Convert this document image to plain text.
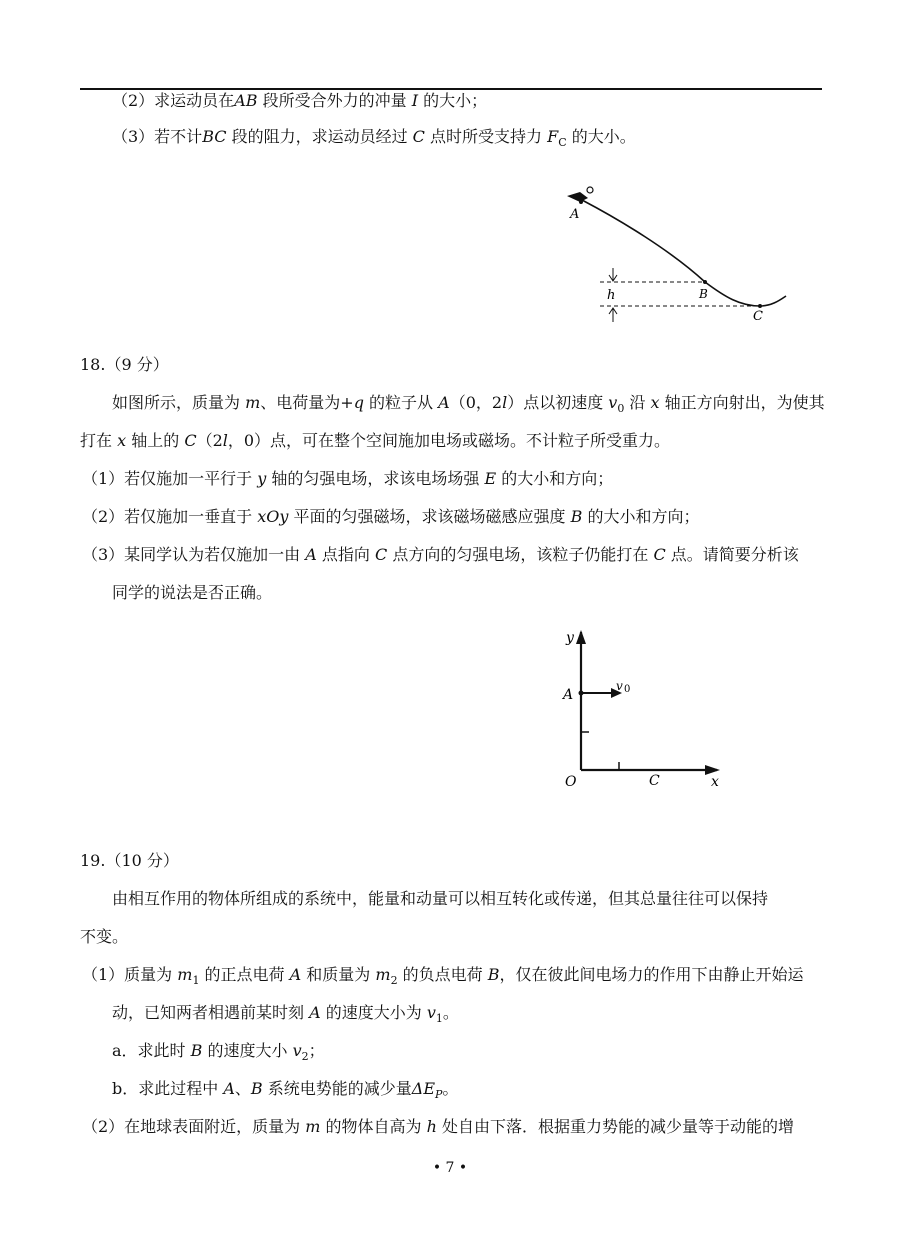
（2）求运动员在AB 段所受合外力的冲量 I 的大小；
（3）若不计BC 段的阻力，求运动员经过 C 点时所受支持力 $F_C$ 的大小。
A
B
C
h
18.（9 分）
如图所示，质量为 m、电荷量为+q 的粒子从 A（0，2l）点以初速度 $v_0$ 沿 x 轴正方向射出，为使其
打在 x 轴上的 C（2l，0）点，可在整个空间施加电场或磁场。不计粒子所受重力。
（1）若仅施加一平行于 y 轴的匀强电场，求该电场场强 E 的大小和方向；
（2）若仅施加一垂直于 xOy 平面的匀强磁场，求该磁场磁感应强度 B 的大小和方向；
（3）某同学认为若仅施加一由 A 点指向 C 点方向的匀强电场，该粒子仍能打在 C 点。请简要分析该
同学的说法是否正确。
y
A
v 0
O	C	x
19.（10 分）
由相互作用的物体所组成的系统中，能量和动量可以相互转化或传递，但其总量往往可以保持
不变。
（1）质量为 $m_1$ 的正点电荷 A 和质量为 $m_2$ 的负点电荷 B，仅在彼此间电场力的作用下由静止开始运
动，已知两者相遇前某时刻 A 的速度大小为 $v_1$。
a．求此时 B 的速度大小 $v_2$；
b．求此过程中 A、B 系统电势能的减少量$\Delta E_P$。
（2）在地球表面附近，质量为 m 的物体自高为 h 处自由下落．根据重力势能的减少量等于动能的增
• 7 •
